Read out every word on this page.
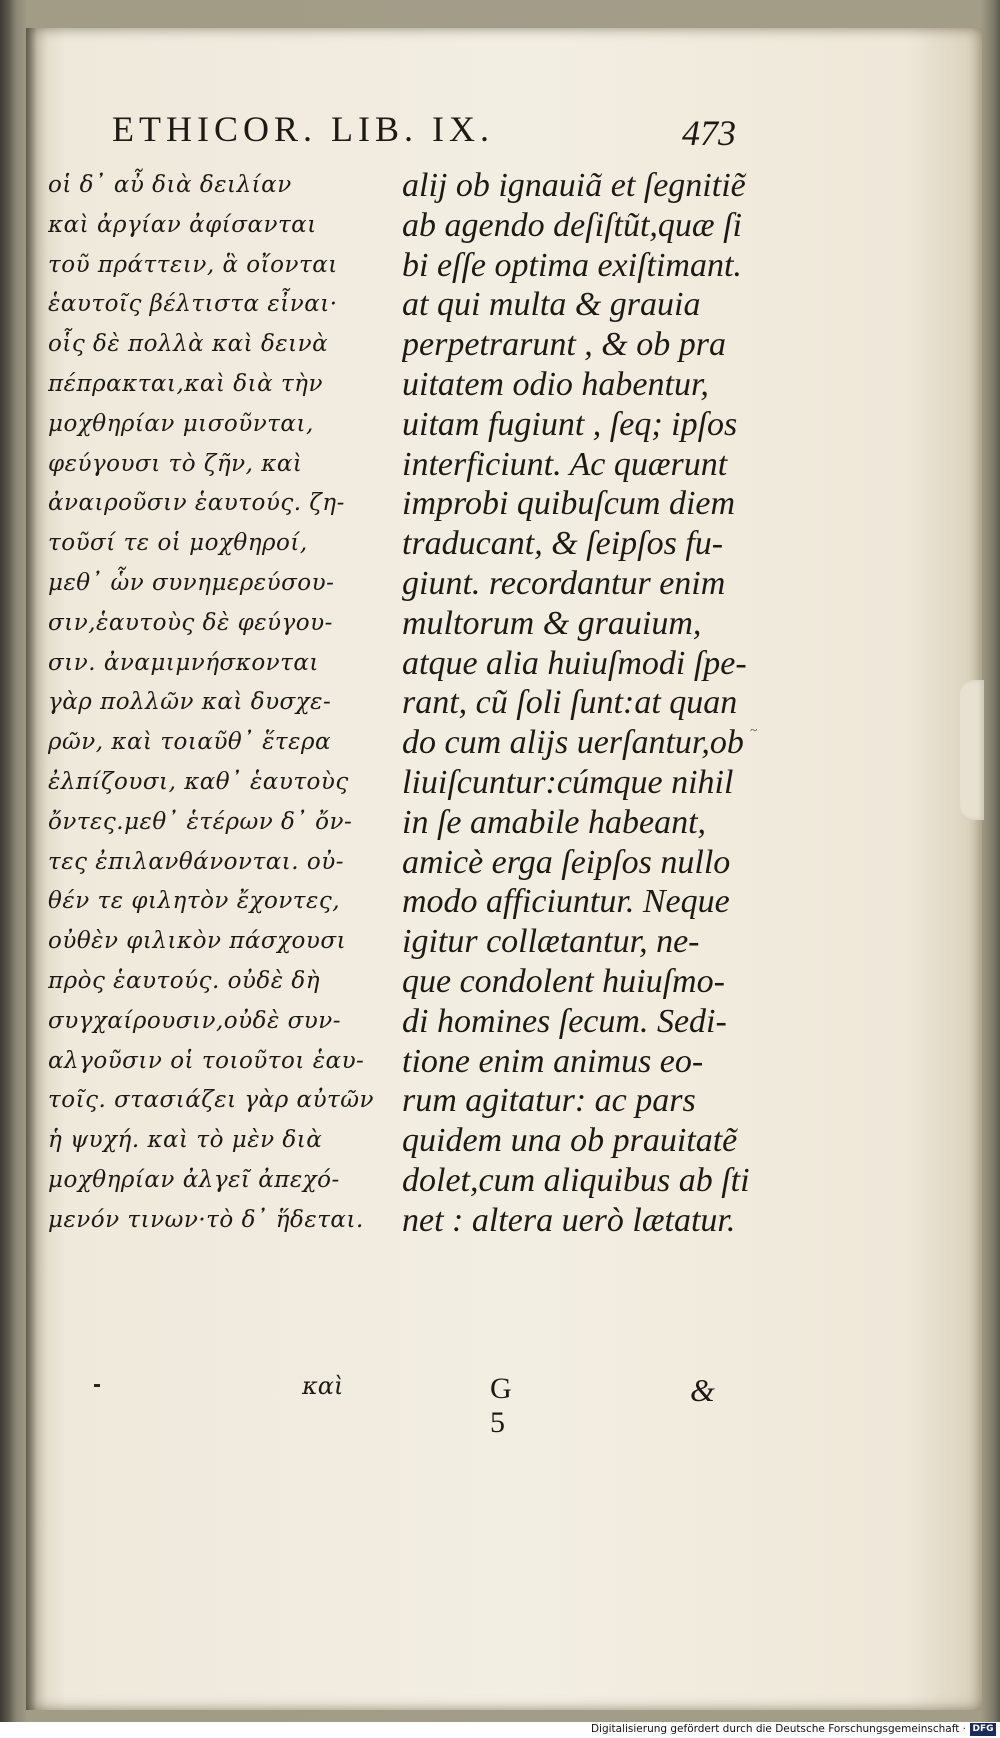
ETHICOR. LIB. IX.	473
οἱ δ᾽ αὖ διὰ δειλίαν
καὶ ἀργίαν ἀφίσανται
τοῦ πράττειν, ἃ οἴονται
ἑαυτοῖς βέλτιστα εἶναι·
οἷς δὲ πολλὰ καὶ δεινὰ
πέπρακται,καὶ διὰ τὴν
μοχθηρίαν μισοῦνται,
φεύγουσι τὸ ζῆν, καὶ
ἀναιροῦσιν ἑαυτούς. ζη-
τοῦσί τε οἱ μοχθηροί,
μεθ᾽ ὧν συνημερεύσου-
σιν,ἑαυτοὺς δὲ φεύγου-
σιν. ἀναμιμνήσκονται
γὰρ πολλῶν καὶ δυσχε-
ρῶν, καὶ τοιαῦθ᾽ ἕτερα
ἐλπίζουσι, καθ᾽ ἑαυτοὺς
ὄντες.μεθ᾽ ἑτέρων δ᾽ ὄν-
τες ἐπιλανθάνονται. οὐ-
θέν τε φιλητὸν ἔχοντες,
οὐθὲν φιλικὸν πάσχουσι
πρὸς ἑαυτούς. οὐδὲ δὴ
συγχαίρουσιν,οὐδὲ συν-
αλγοῦσιν οἱ τοιοῦτοι ἑαυ-
τοῖς. στασιάζει γὰρ αὐτῶν
ἡ ψυχή. καὶ τὸ μὲν διὰ
μοχθηρίαν ἀλγεῖ ἀπεχό-
μενόν τινων·τὸ δ᾽ ἥδεται.
alij ob ignauiã et ſegnitiẽ
ab agendo deſiſtũt,quæ ſi
bi eſſe optima exiſtimant.
at qui multa & grauia
perpetrarunt , & ob pra
uitatem odio habentur,
uitam fugiunt , ſeq; ipſos
interficiunt. Ac quærunt
improbi quibuſcum diem
traducant, & ſeipſos fu-
giunt. recordantur enim
multorum & grauium,
atque alia huiuſmodi ſpe-
rant, cũ ſoli ſunt:at quan
do cum alijs uerſantur,ob
liuiſcuntur:cúmque nihil
in ſe amabile habeant,
amicè erga ſeipſos nullo
modo afficiuntur. Neque
igitur collætantur, ne-
que condolent huiuſmo-
di homines ſecum. Sedi-
tione enim animus eo-
rum agitatur: ac pars
quidem una ob prauitatẽ
dolet,cum aliquibus ab ſti
net : altera uerò lætatur.
~
καὶ	G 5
&
Digitalisierung gefördert durch die Deutsche Forschungsgemeinschaft · DFG
